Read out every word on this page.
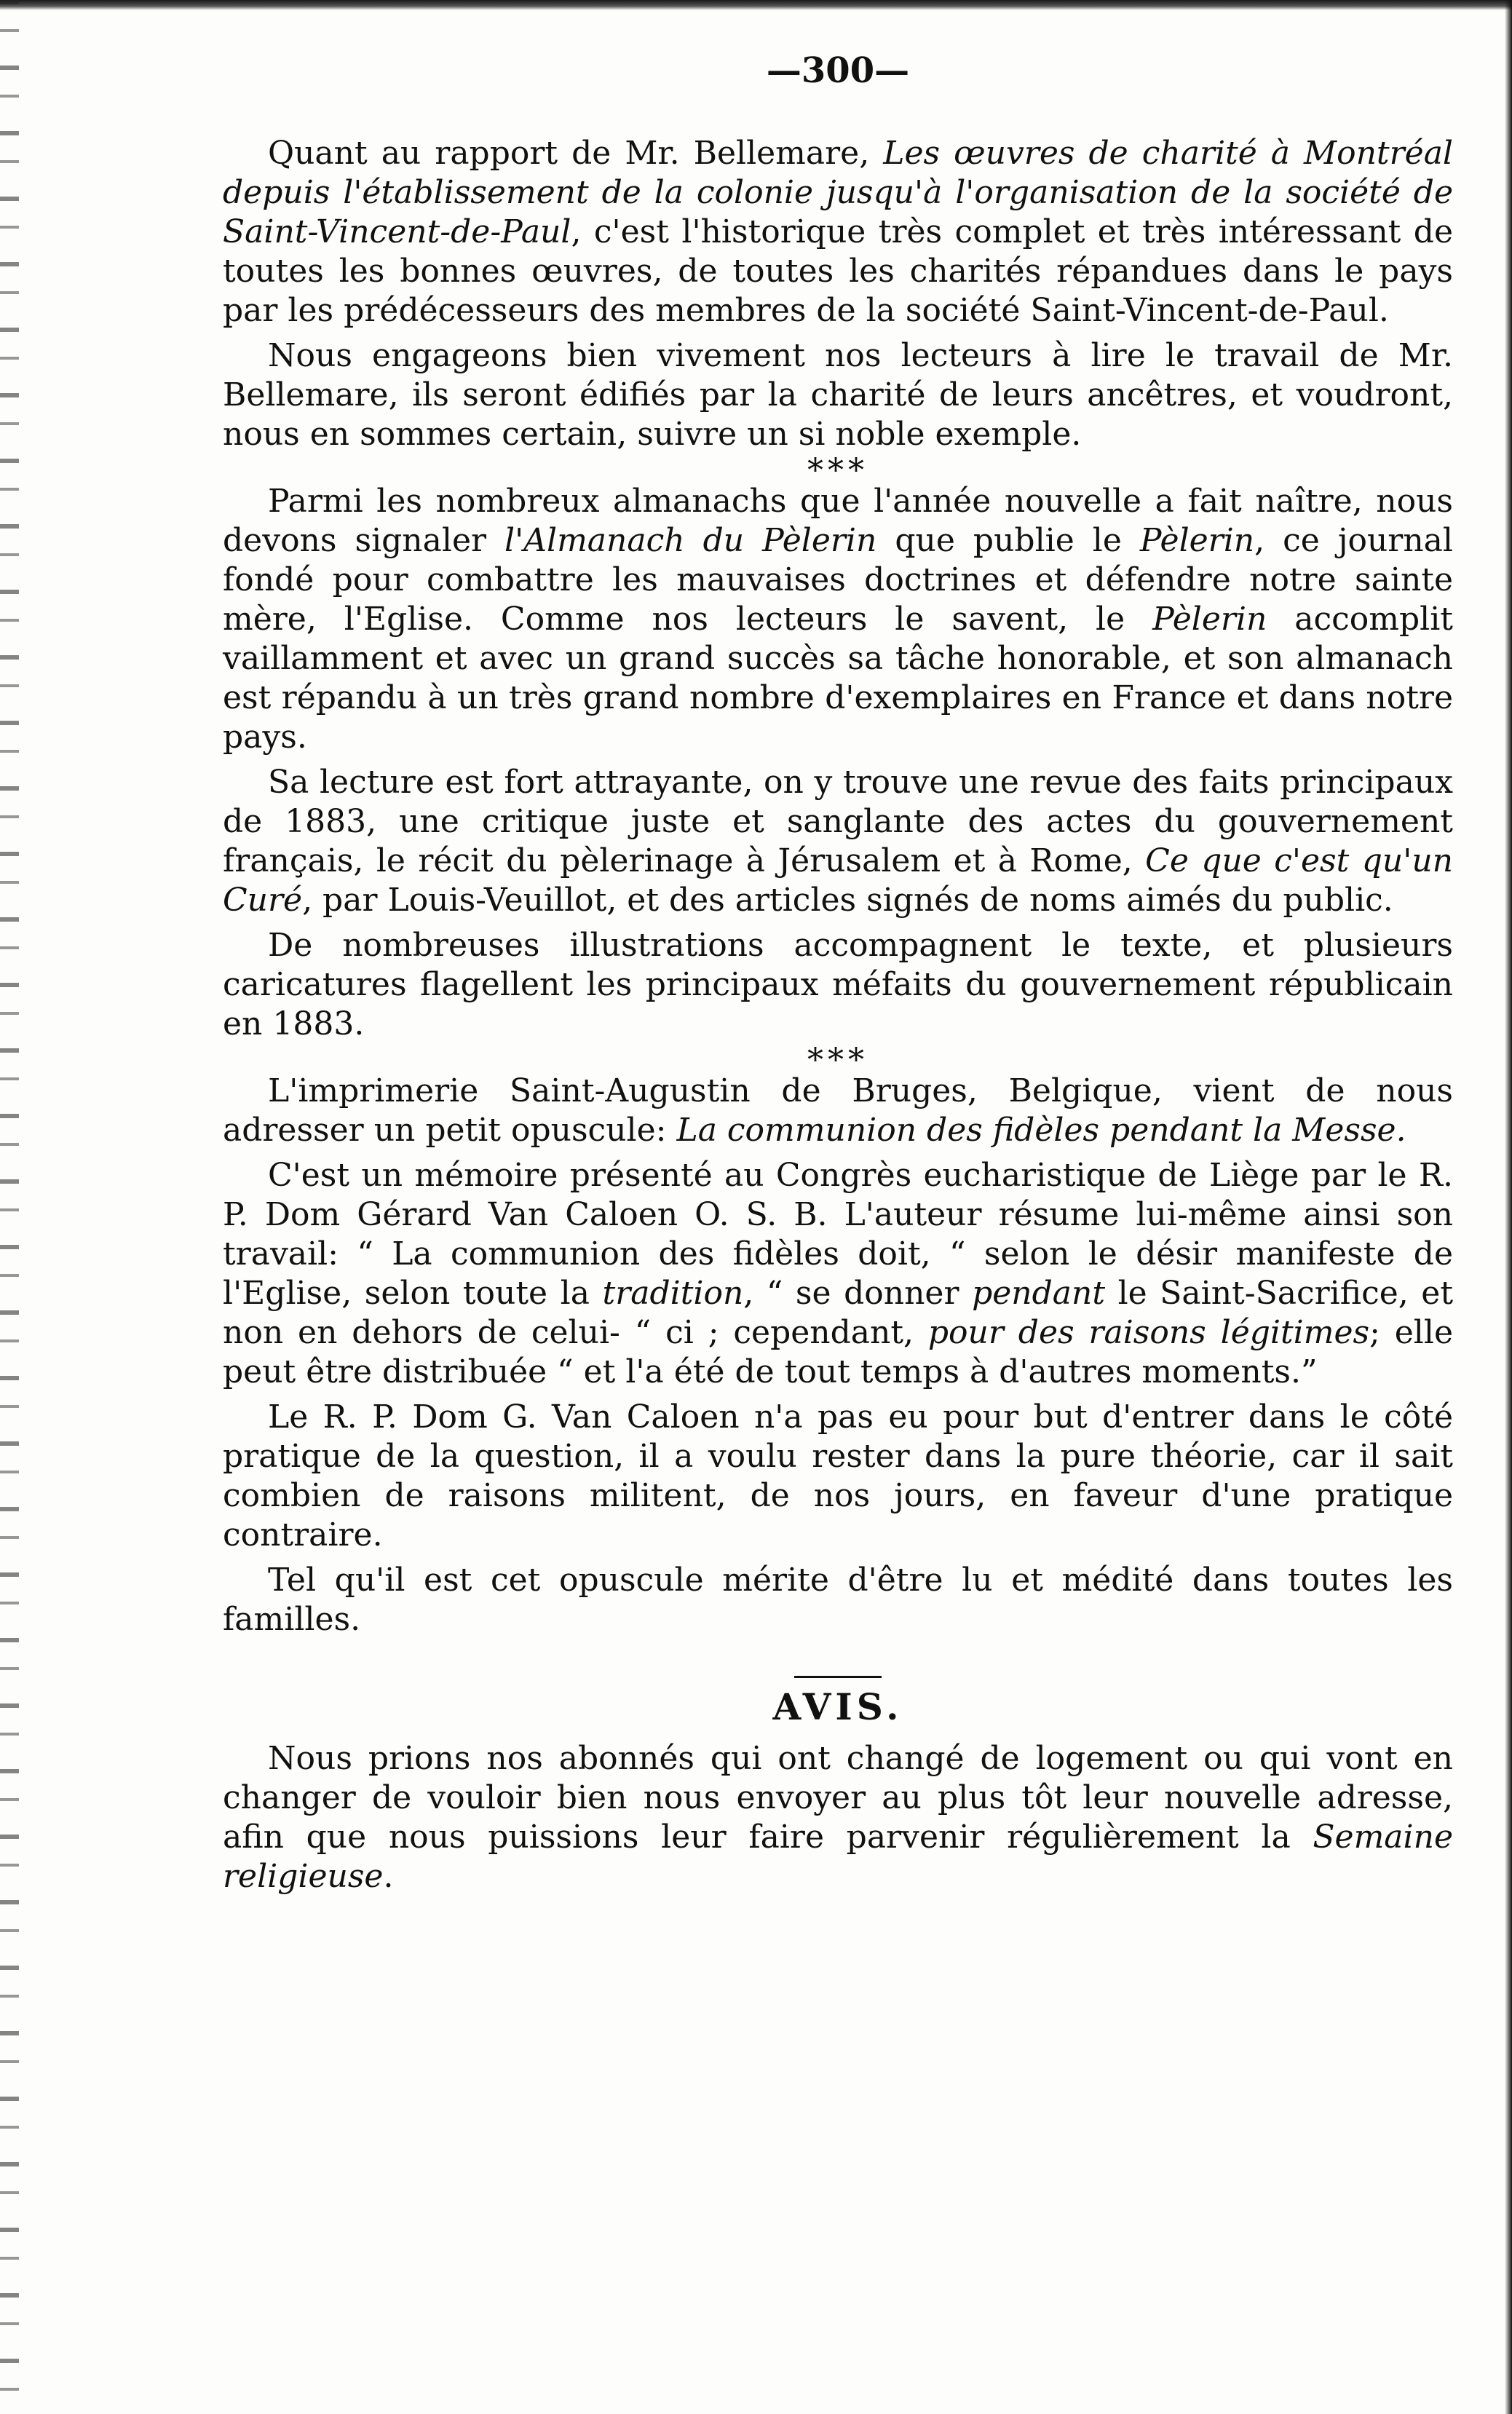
—300—

Quant au rapport de Mr. Bellemare, Les œuvres de charité à Montréal depuis l'établissement de la colonie jusqu'à l'organisation de la société de Saint-Vincent-de-Paul, c'est l'historique très complet et très intéressant de toutes les bonnes œuvres, de toutes les charités répandues dans le pays par les prédécesseurs des membres de la société Saint-Vincent-de-Paul.

Nous engageons bien vivement nos lecteurs à lire le travail de Mr. Bellemare, ils seront édifiés par la charité de leurs ancêtres, et voudront, nous en sommes certain, suivre un si noble exemple.

***

Parmi les nombreux almanachs que l'année nouvelle a fait naître, nous devons signaler l'Almanach du Pèlerin que publie le Pèlerin, ce journal fondé pour combattre les mauvaises doctrines et défendre notre sainte mère, l'Eglise. Comme nos lecteurs le savent, le Pèlerin accomplit vaillamment et avec un grand succès sa tâche honorable, et son almanach est répandu à un très grand nombre d'exemplaires en France et dans notre pays.

Sa lecture est fort attrayante, on y trouve une revue des faits principaux de 1883, une critique juste et sanglante des actes du gouvernement français, le récit du pèlerinage à Jérusalem et à Rome, Ce que c'est qu'un Curé, par Louis-Veuillot, et des articles signés de noms aimés du public.

De nombreuses illustrations accompagnent le texte, et plusieurs caricatures flagellent les principaux méfaits du gouvernement républicain en 1883.

***

L'imprimerie Saint-Augustin de Bruges, Belgique, vient de nous adresser un petit opuscule: La communion des fidèles pendant la Messe.

C'est un mémoire présenté au Congrès eucharistique de Liège par le R. P. Dom Gérard Van Caloen O. S. B. L'auteur résume lui-même ainsi son travail: “ La communion des fidèles doit, “ selon le désir manifeste de l'Eglise, selon toute la tradition, “ se donner pendant le Saint-Sacrifice, et non en dehors de celui- “ ci ; cependant, pour des raisons légitimes; elle peut être distribuée “ et l'a été de tout temps à d'autres moments.”

Le R. P. Dom G. Van Caloen n'a pas eu pour but d'entrer dans le côté pratique de la question, il a voulu rester dans la pure théorie, car il sait combien de raisons militent, de nos jours, en faveur d'une pratique contraire.

Tel qu'il est cet opuscule mérite d'être lu et médité dans toutes les familles.

AVIS.

Nous prions nos abonnés qui ont changé de logement ou qui vont en changer de vouloir bien nous envoyer au plus tôt leur nouvelle adresse, afin que nous puissions leur faire parvenir régulièrement la Semaine religieuse.
